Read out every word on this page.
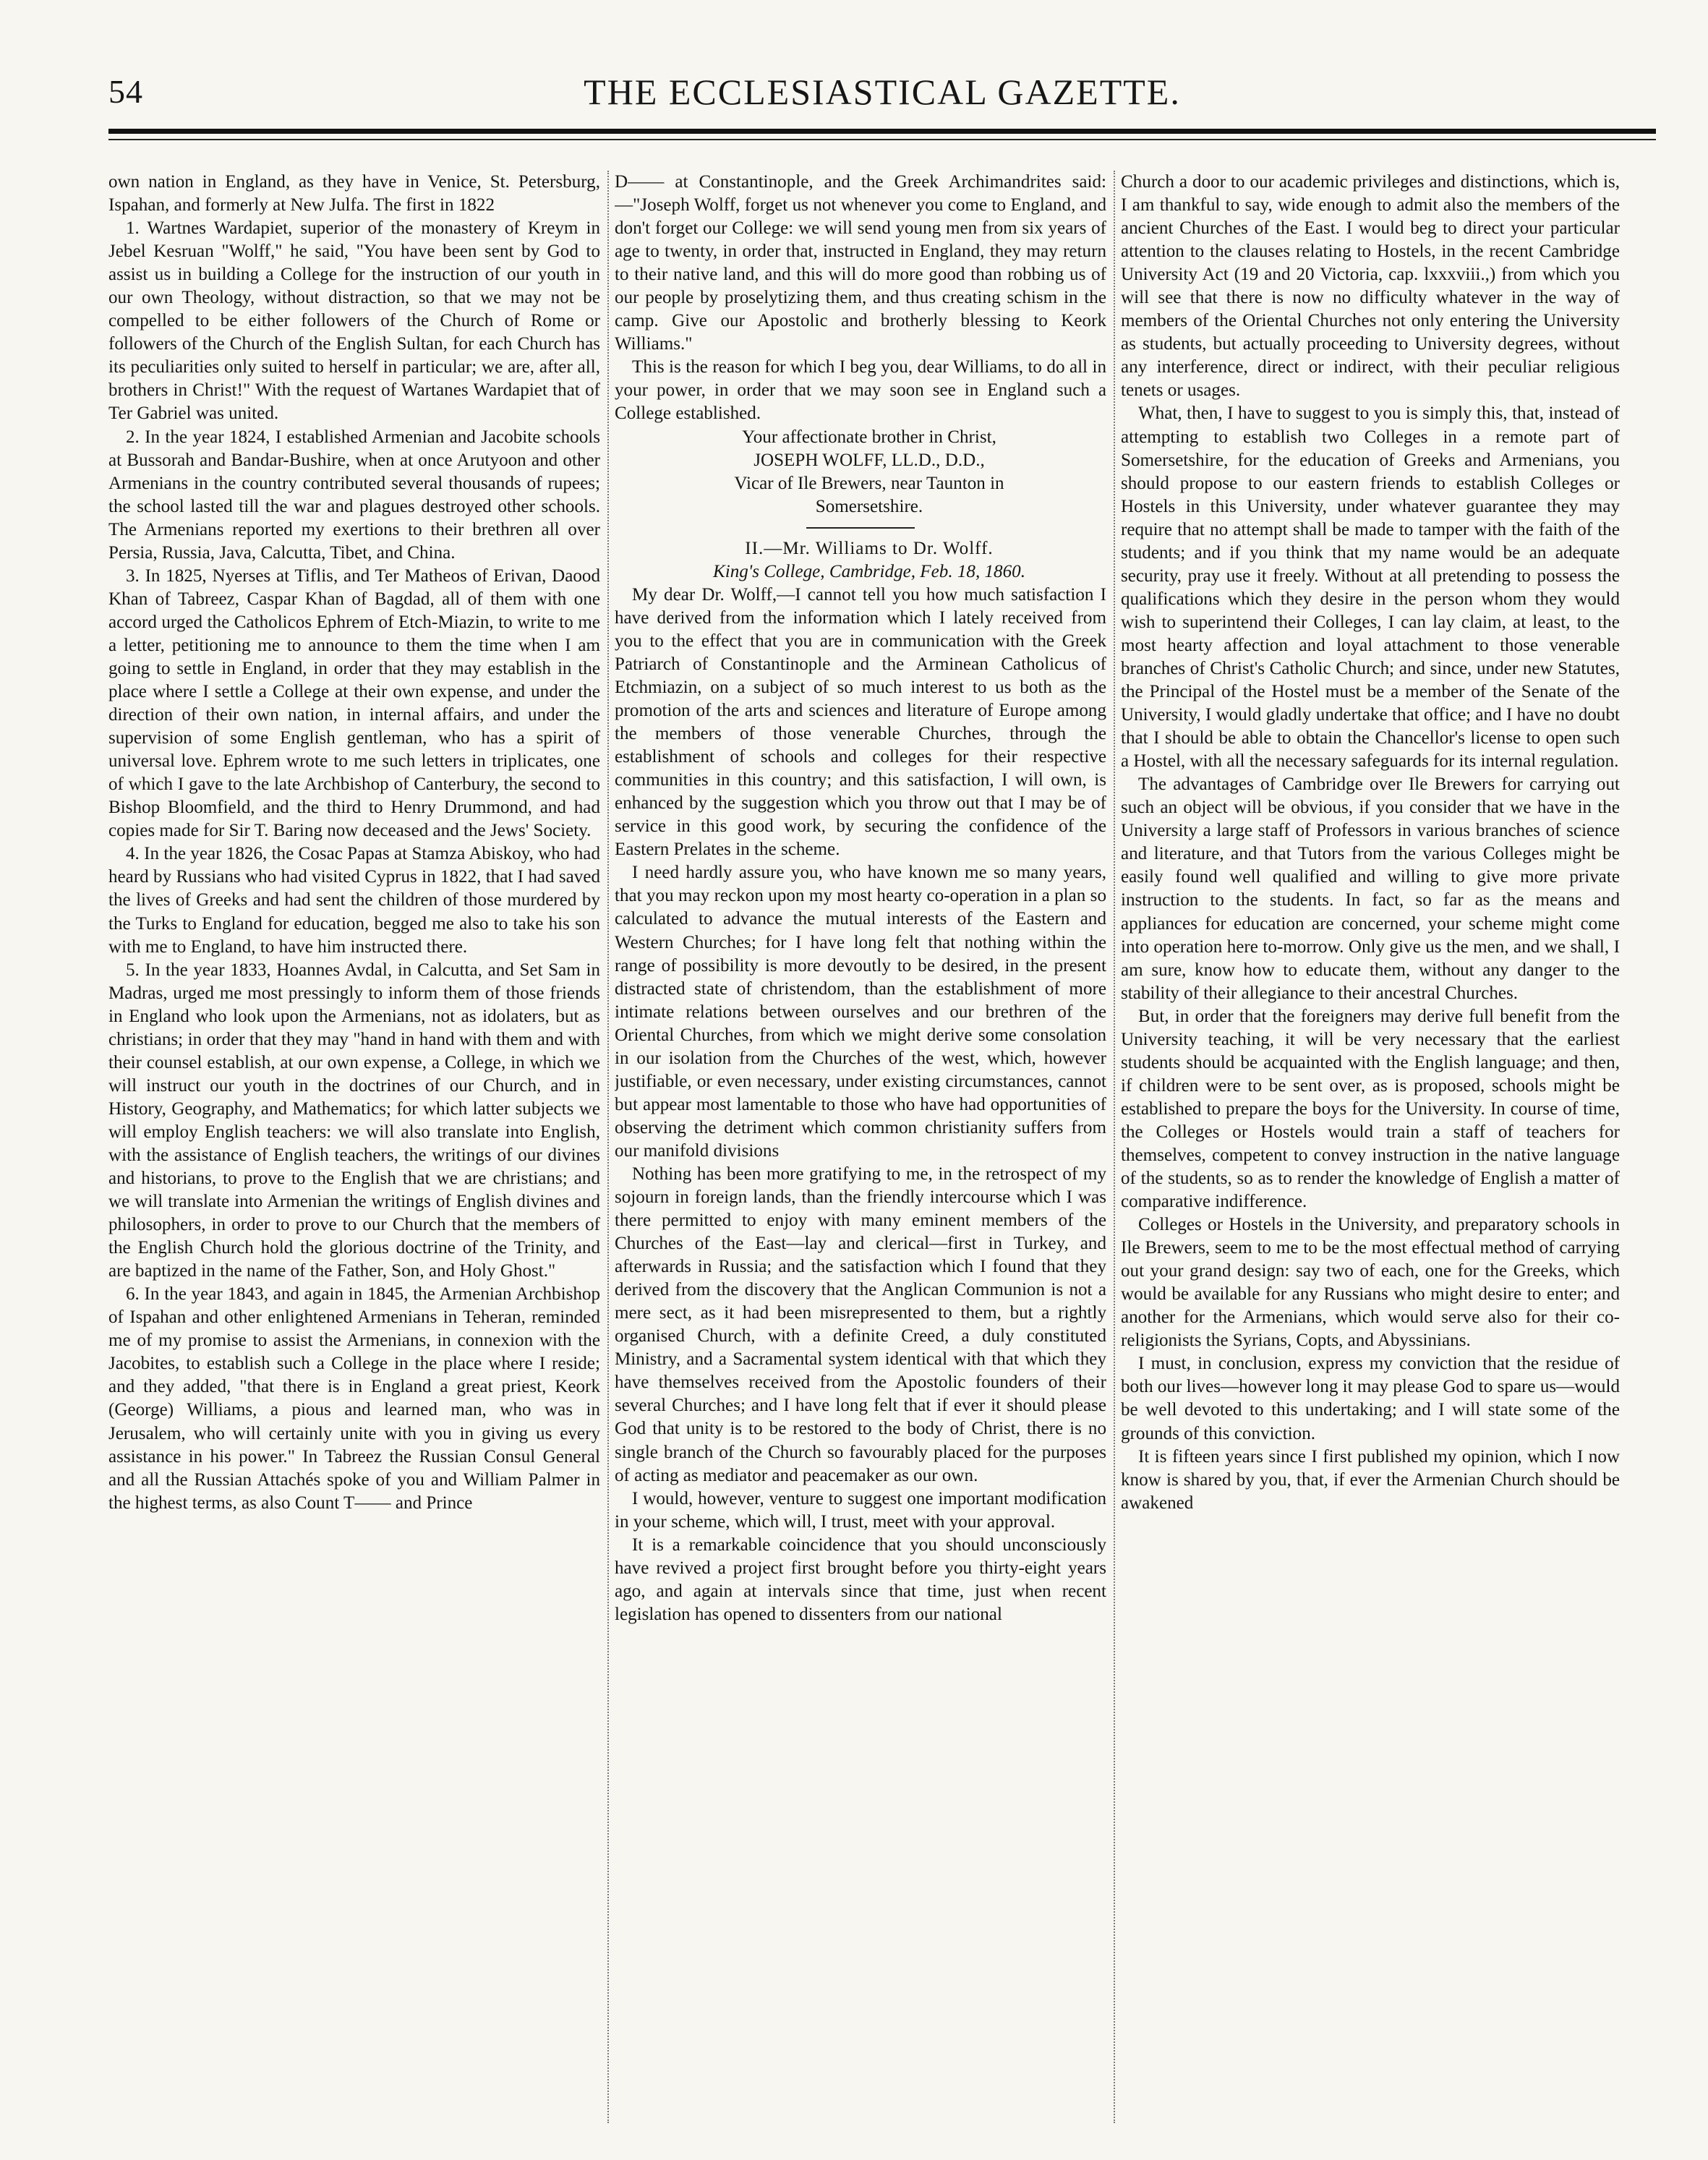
54	THE ECCLESIASTICAL GAZETTE.

own nation in England, as they have in Venice, St. Petersburg, Ispahan, and formerly at New Julfa. The first in 1822

1. Wartnes Wardapiet, superior of the monastery of Kreym in Jebel Kesruan "Wolff," he said, "You have been sent by God to assist us in building a College for the instruction of our youth in our own Theology, without distraction, so that we may not be compelled to be either followers of the Church of Rome or followers of the Church of the English Sultan, for each Church has its peculiarities only suited to herself in particular; we are, after all, brothers in Christ!" With the request of Wartanes Wardapiet that of Ter Gabriel was united.

2. In the year 1824, I established Armenian and Jacobite schools at Bussorah and Bandar-Bushire, when at once Arutyoon and other Armenians in the country contributed several thousands of rupees; the school lasted till the war and plagues destroyed other schools. The Armenians reported my exertions to their brethren all over Persia, Russia, Java, Calcutta, Tibet, and China.

3. In 1825, Nyerses at Tiflis, and Ter Matheos of Erivan, Daood Khan of Tabreez, Caspar Khan of Bagdad, all of them with one accord urged the Catholicos Ephrem of Etch-Miazin, to write to me a letter, petitioning me to announce to them the time when I am going to settle in England, in order that they may establish in the place where I settle a College at their own expense, and under the direction of their own nation, in internal affairs, and under the supervision of some English gentleman, who has a spirit of universal love. Ephrem wrote to me such letters in triplicates, one of which I gave to the late Archbishop of Canterbury, the second to Bishop Bloomfield, and the third to Henry Drummond, and had copies made for Sir T. Baring now deceased and the Jews' Society.

4. In the year 1826, the Cosac Papas at Stamza Abiskoy, who had heard by Russians who had visited Cyprus in 1822, that I had saved the lives of Greeks and had sent the children of those murdered by the Turks to England for education, begged me also to take his son with me to England, to have him instructed there.

5. In the year 1833, Hoannes Avdal, in Calcutta, and Set Sam in Madras, urged me most pressingly to inform them of those friends in England who look upon the Armenians, not as idolaters, but as christians; in order that they may "hand in hand with them and with their counsel establish, at our own expense, a College, in which we will instruct our youth in the doctrines of our Church, and in History, Geography, and Mathematics; for which latter subjects we will employ English teachers: we will also translate into English, with the assistance of English teachers, the writings of our divines and historians, to prove to the English that we are christians; and we will translate into Armenian the writings of English divines and philosophers, in order to prove to our Church that the members of the English Church hold the glorious doctrine of the Trinity, and are baptized in the name of the Father, Son, and Holy Ghost."

6. In the year 1843, and again in 1845, the Armenian Archbishop of Ispahan and other enlightened Armenians in Teheran, reminded me of my promise to assist the Armenians, in connexion with the Jacobites, to establish such a College in the place where I reside; and they added, "that there is in England a great priest, Keork (George) Williams, a pious and learned man, who was in Jerusalem, who will certainly unite with you in giving us every assistance in his power." In Tabreez the Russian Consul General and all the Russian Attachés spoke of you and William Palmer in the highest terms, as also Count T—— and Prince

D—— at Constantinople, and the Greek Archimandrites said:—"Joseph Wolff, forget us not whenever you come to England, and don't forget our College: we will send young men from six years of age to twenty, in order that, instructed in England, they may return to their native land, and this will do more good than robbing us of our people by proselytizing them, and thus creating schism in the camp. Give our Apostolic and brotherly blessing to Keork Williams."

This is the reason for which I beg you, dear Williams, to do all in your power, in order that we may soon see in England such a College established.

Your affectionate brother in Christ,

JOSEPH WOLFF, LL.D., D.D.,

Vicar of Ile Brewers, near Taunton in

Somersetshire.

II.—Mr. Williams to Dr. Wolff.

King's College, Cambridge, Feb. 18, 1860.

My dear Dr. Wolff,—I cannot tell you how much satisfaction I have derived from the information which I lately received from you to the effect that you are in communication with the Greek Patriarch of Constantinople and the Arminean Catholicus of Etchmiazin, on a subject of so much interest to us both as the promotion of the arts and sciences and literature of Europe among the members of those venerable Churches, through the establishment of schools and colleges for their respective communities in this country; and this satisfaction, I will own, is enhanced by the suggestion which you throw out that I may be of service in this good work, by securing the confidence of the Eastern Prelates in the scheme.

I need hardly assure you, who have known me so many years, that you may reckon upon my most hearty co-operation in a plan so calculated to advance the mutual interests of the Eastern and Western Churches; for I have long felt that nothing within the range of possibility is more devoutly to be desired, in the present distracted state of christendom, than the establishment of more intimate relations between ourselves and our brethren of the Oriental Churches, from which we might derive some consolation in our isolation from the Churches of the west, which, however justifiable, or even necessary, under existing circumstances, cannot but appear most lamentable to those who have had opportunities of observing the detriment which common christianity suffers from our manifold divisions

Nothing has been more gratifying to me, in the retrospect of my sojourn in foreign lands, than the friendly intercourse which I was there permitted to enjoy with many eminent members of the Churches of the East—lay and clerical—first in Turkey, and afterwards in Russia; and the satisfaction which I found that they derived from the discovery that the Anglican Communion is not a mere sect, as it had been misrepresented to them, but a rightly organised Church, with a definite Creed, a duly constituted Ministry, and a Sacramental system identical with that which they have themselves received from the Apostolic founders of their several Churches; and I have long felt that if ever it should please God that unity is to be restored to the body of Christ, there is no single branch of the Church so favourably placed for the purposes of acting as mediator and peacemaker as our own.

I would, however, venture to suggest one important modification in your scheme, which will, I trust, meet with your approval.

It is a remarkable coincidence that you should unconsciously have revived a project first brought before you thirty-eight years ago, and again at intervals since that time, just when recent legislation has opened to dissenters from our national

Church a door to our academic privileges and distinctions, which is, I am thankful to say, wide enough to admit also the members of the ancient Churches of the East. I would beg to direct your particular attention to the clauses relating to Hostels, in the recent Cambridge University Act (19 and 20 Victoria, cap. lxxxviii.,) from which you will see that there is now no difficulty whatever in the way of members of the Oriental Churches not only entering the University as students, but actually proceeding to University degrees, without any interference, direct or indirect, with their peculiar religious tenets or usages.

What, then, I have to suggest to you is simply this, that, instead of attempting to establish two Colleges in a remote part of Somersetshire, for the education of Greeks and Armenians, you should propose to our eastern friends to establish Colleges or Hostels in this University, under whatever guarantee they may require that no attempt shall be made to tamper with the faith of the students; and if you think that my name would be an adequate security, pray use it freely. Without at all pretending to possess the qualifications which they desire in the person whom they would wish to superintend their Colleges, I can lay claim, at least, to the most hearty affection and loyal attachment to those venerable branches of Christ's Catholic Church; and since, under new Statutes, the Principal of the Hostel must be a member of the Senate of the University, I would gladly undertake that office; and I have no doubt that I should be able to obtain the Chancellor's license to open such a Hostel, with all the necessary safeguards for its internal regulation.

The advantages of Cambridge over Ile Brewers for carrying out such an object will be obvious, if you consider that we have in the University a large staff of Professors in various branches of science and literature, and that Tutors from the various Colleges might be easily found well qualified and willing to give more private instruction to the students. In fact, so far as the means and appliances for education are concerned, your scheme might come into operation here to-morrow. Only give us the men, and we shall, I am sure, know how to educate them, without any danger to the stability of their allegiance to their ancestral Churches.

But, in order that the foreigners may derive full benefit from the University teaching, it will be very necessary that the earliest students should be acquainted with the English language; and then, if children were to be sent over, as is proposed, schools might be established to prepare the boys for the University. In course of time, the Colleges or Hostels would train a staff of teachers for themselves, competent to convey instruction in the native language of the students, so as to render the knowledge of English a matter of comparative indifference.

Colleges or Hostels in the University, and preparatory schools in Ile Brewers, seem to me to be the most effectual method of carrying out your grand design: say two of each, one for the Greeks, which would be available for any Russians who might desire to enter; and another for the Armenians, which would serve also for their co-religionists the Syrians, Copts, and Abyssinians.

I must, in conclusion, express my conviction that the residue of both our lives—however long it may please God to spare us—would be well devoted to this undertaking; and I will state some of the grounds of this conviction.

It is fifteen years since I first published my opinion, which I now know is shared by you, that, if ever the Armenian Church should be awakened
